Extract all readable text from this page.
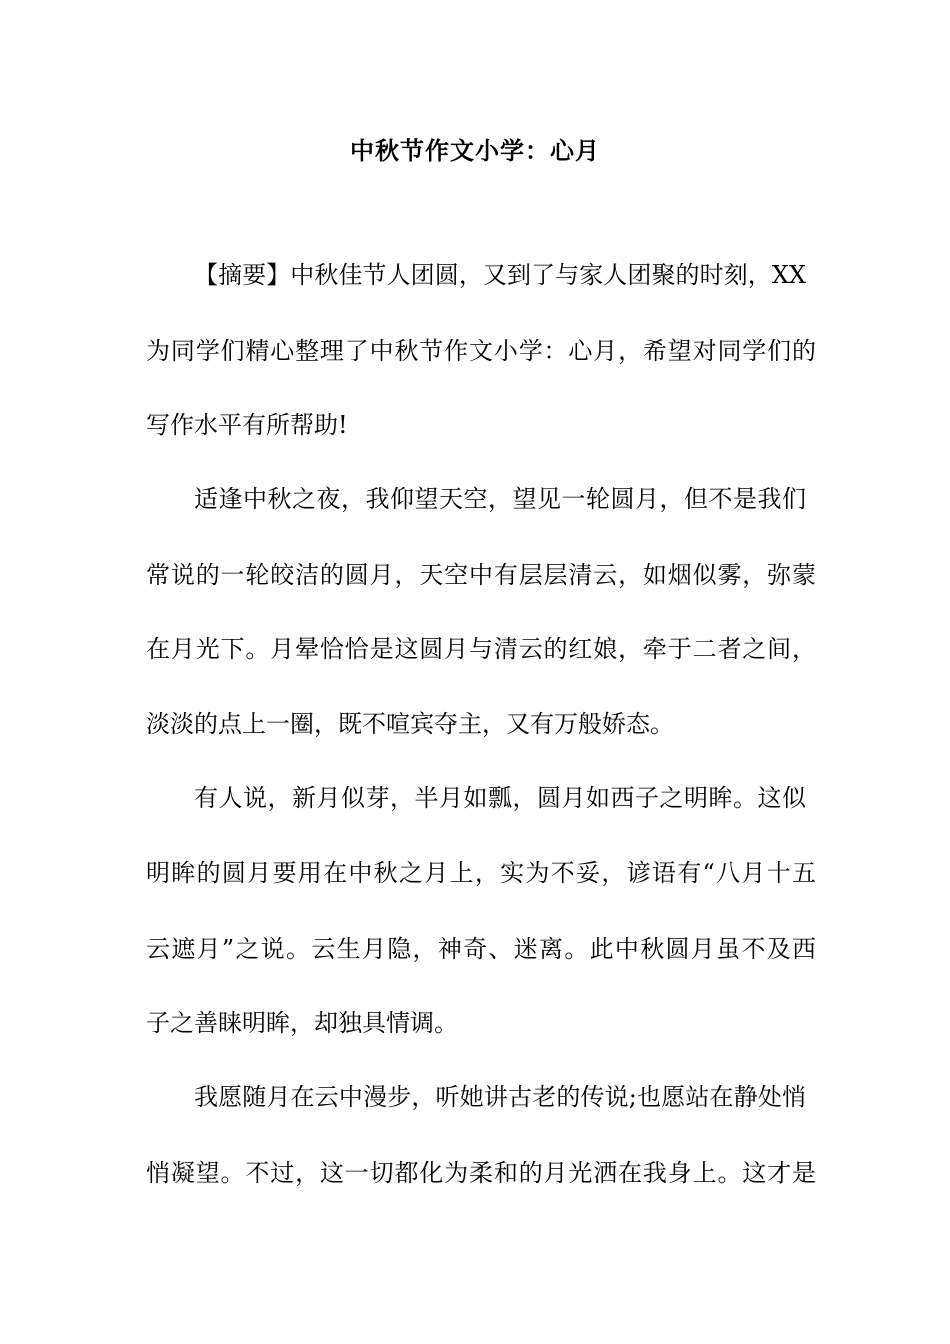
中秋节作文小学：心月
【摘要】中秋佳节人团圆，又到了与家人团聚的时刻，XX
为同学们精心整理了中秋节作文小学：心月，希望对同学们的
写作水平有所帮助!
适逢中秋之夜，我仰望天空，望见一轮圆月，但不是我们
常说的一轮皎洁的圆月，天空中有层层清云，如烟似雾，弥蒙
在月光下。月晕恰恰是这圆月与清云的红娘，牵于二者之间，
淡淡的点上一圈，既不喧宾夺主，又有万般娇态。
有人说，新月似芽，半月如瓢，圆月如西子之明眸。这似
明眸的圆月要用在中秋之月上，实为不妥，谚语有“八月十五
云遮月”之说。云生月隐，神奇、迷离。此中秋圆月虽不及西
子之善睐明眸，却独具情调。
我愿随月在云中漫步，听她讲古老的传说;也愿站在静处悄
悄凝望。不过，这一切都化为柔和的月光洒在我身上。这才是
